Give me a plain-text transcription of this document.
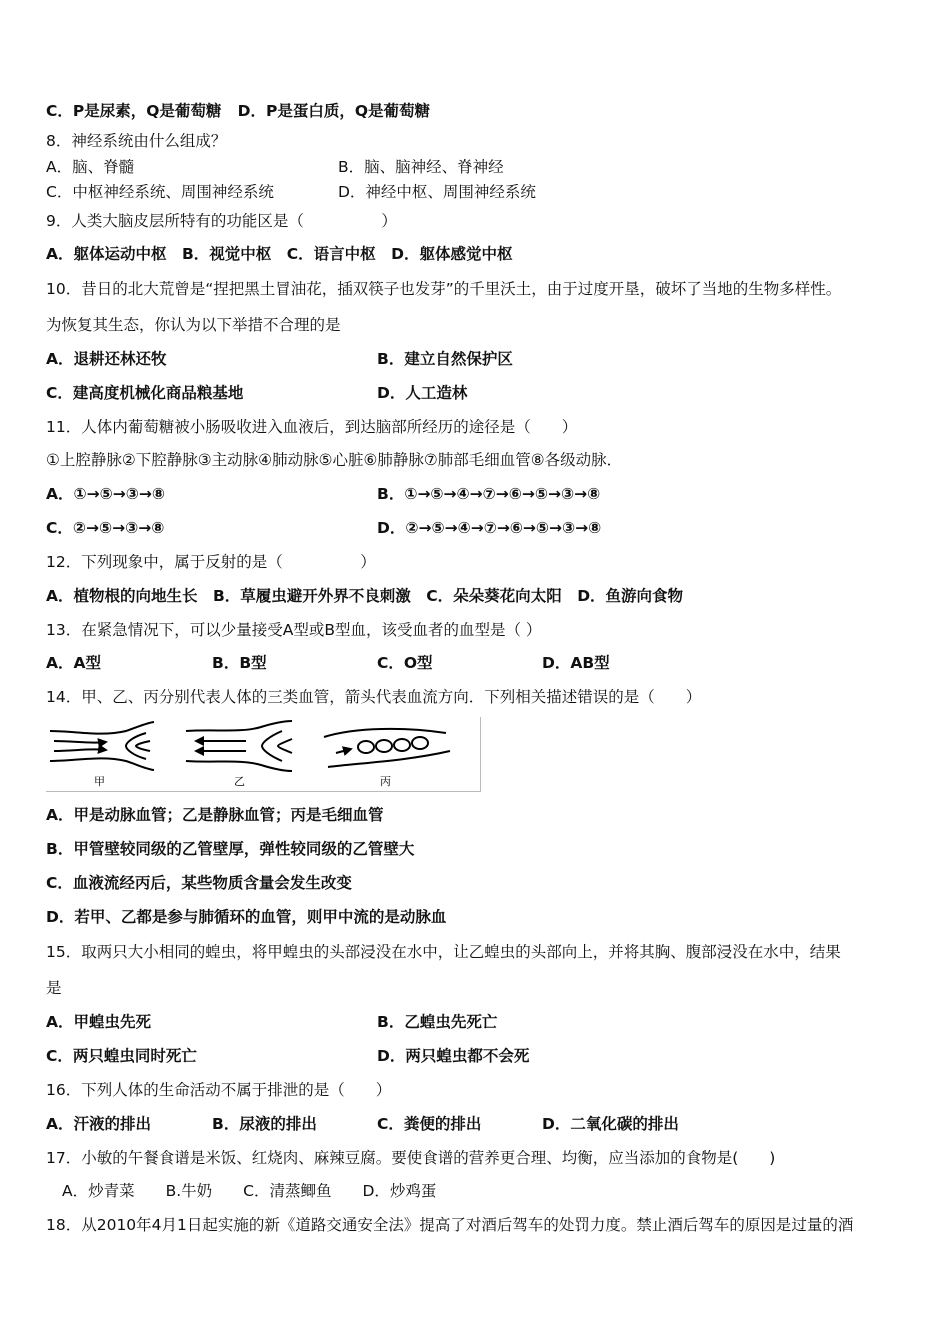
C．P是尿素，Q是葡萄糖 D．P是蛋白质，Q是葡萄糖
8．神经系统由什么组成？
A．脑、脊髓	B．脑、脑神经、脊神经
C．中枢神经系统、周围神经系统	D．神经中枢、周围神经系统
9．人类大脑皮层所特有的功能区是（　　　　　）
A．躯体运动中枢　B．视觉中枢　C．语言中枢　D．躯体感觉中枢
10．昔日的北大荒曾是“捏把黑土冒油花，插双筷子也发芽”的千里沃土，由于过度开垦，破坏了当地的生物多样性。
为恢复其生态，你认为以下举措不合理的是
A．退耕还林还牧	B．建立自然保护区
C．建高度机械化商品粮基地	D．人工造林
11．人体内葡萄糖被小肠吸收进入血液后，到达脑部所经历的途径是（　　）
①上腔静脉②下腔静脉③主动脉④肺动脉⑤心脏⑥肺静脉⑦肺部毛细血管⑧各级动脉．
A．①→⑤→③→⑧	B．①→⑤→④→⑦→⑥→⑤→③→⑧
C．②→⑤→③→⑧	D．②→⑤→④→⑦→⑥→⑤→③→⑧
12．下列现象中，属于反射的是（　　　　　）
A．植物根的向地生长　B．草履虫避开外界不良刺激　C．朵朵葵花向太阳　D．鱼游向食物
13．在紧急情况下，可以少量接受A型或B型血，该受血者的血型是（ ）
A．A型	B．B型	C．O型	D．AB型
14．甲、乙、丙分别代表人体的三类血管，箭头代表血流方向．下列相关描述错误的是（　　）
甲	乙	丙
A．甲是动脉血管；乙是静脉血管；丙是毛细血管
B．甲管壁较同级的乙管壁厚，弹性较同级的乙管壁大
C．血液流经丙后，某些物质含量会发生改变
D．若甲、乙都是参与肺循环的血管，则甲中流的是动脉血
15．取两只大小相同的蝗虫，将甲蝗虫的头部浸没在水中，让乙蝗虫的头部向上，并将其胸、腹部浸没在水中，结果
是
A．甲蝗虫先死	B．乙蝗虫先死亡
C．两只蝗虫同时死亡	D．两只蝗虫都不会死
16．下列人体的生命活动不属于排泄的是（　　）
A．汗液的排出	B．尿液的排出	C．粪便的排出	D．二氧化碳的排出
17．小敏的午餐食谱是米饭、红烧肉、麻辣豆腐。要使食谱的营养更合理、均衡，应当添加的食物是(　　)
A．炒青菜　　B.牛奶　　C．清蒸鲫鱼　　D．炒鸡蛋
18．从2010年4月1日起实施的新《道路交通安全法》提高了对酒后驾车的处罚力度。禁止酒后驾车的原因是过量的酒
